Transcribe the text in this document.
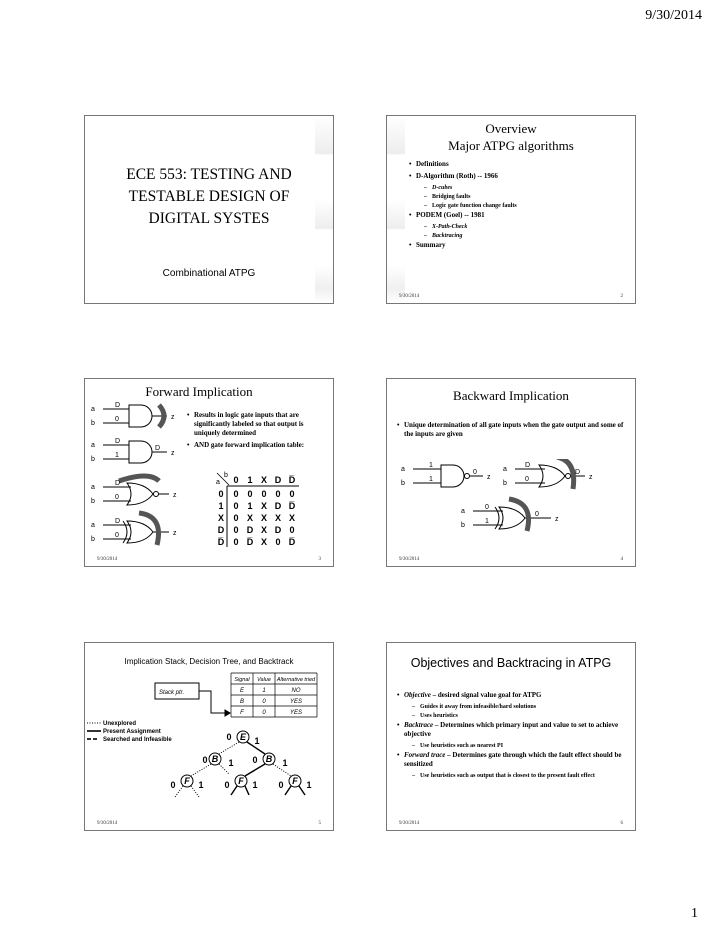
9/30/2014
ECE 553: TESTING AND
TESTABLE DESIGN OF
DIGITAL SYSTES
Combinational ATPG
Overview
Major ATPG algorithms
• Definitions
• D-Algorithm (Roth) -- 1966
– D-cubes
– Bridging faults
– Logic gate function change faults
• PODEM (Goel) -- 1981
– X-Path-Check
– Backtracing
• Summary
9/30/2014	2
Forward Implication
a
b
D
0	z
a
b
D
1
D
z
a
b
D
0	z
a
b
D
0	z
• Results in logic gate inputs that are significantly labeled so that output is uniquely determined
• AND gate forward implication table:
a
b 0 1 X D D̅
0 0 0 0 0 0
1 0 1 X D D̅
X 0 X X X X
D 0 D X D 0
D̅ 0 D̅ X 0 D̅
9/30/2014	3
Backward Implication
• Unique determination of all gate inputs when the gate output and some of the inputs are given
a
b
1
1
0
z
a
b
D
0
D
z
a
b
0
1
0
z
9/30/2014	4
Implication Stack, Decision Tree, and Backtrack
Stack ptr.
Unexplored
Present Assignment
Searched and Infeasible	E
B	B
F	F	F
0	1
0 1 0	1
0	1 0	1 0	1
Signal Value Alternative tried
E	1	NO
B	0	YES
F	0	YES
9/30/2014	5
Objectives and Backtracing in ATPG
• Objective – desired signal value goal for ATPG
– Guides it away from infeasible/hard solutions
– Uses heuristics
• Backtrace – Determines which primary input and value to set to achieve objective
– Use heuristics such as nearest PI
• Forward trace – Determines gate through which the fault effect should be sensitized
– Use heuristics such as output that is closest to the present fault effect
9/30/2014	6
1
